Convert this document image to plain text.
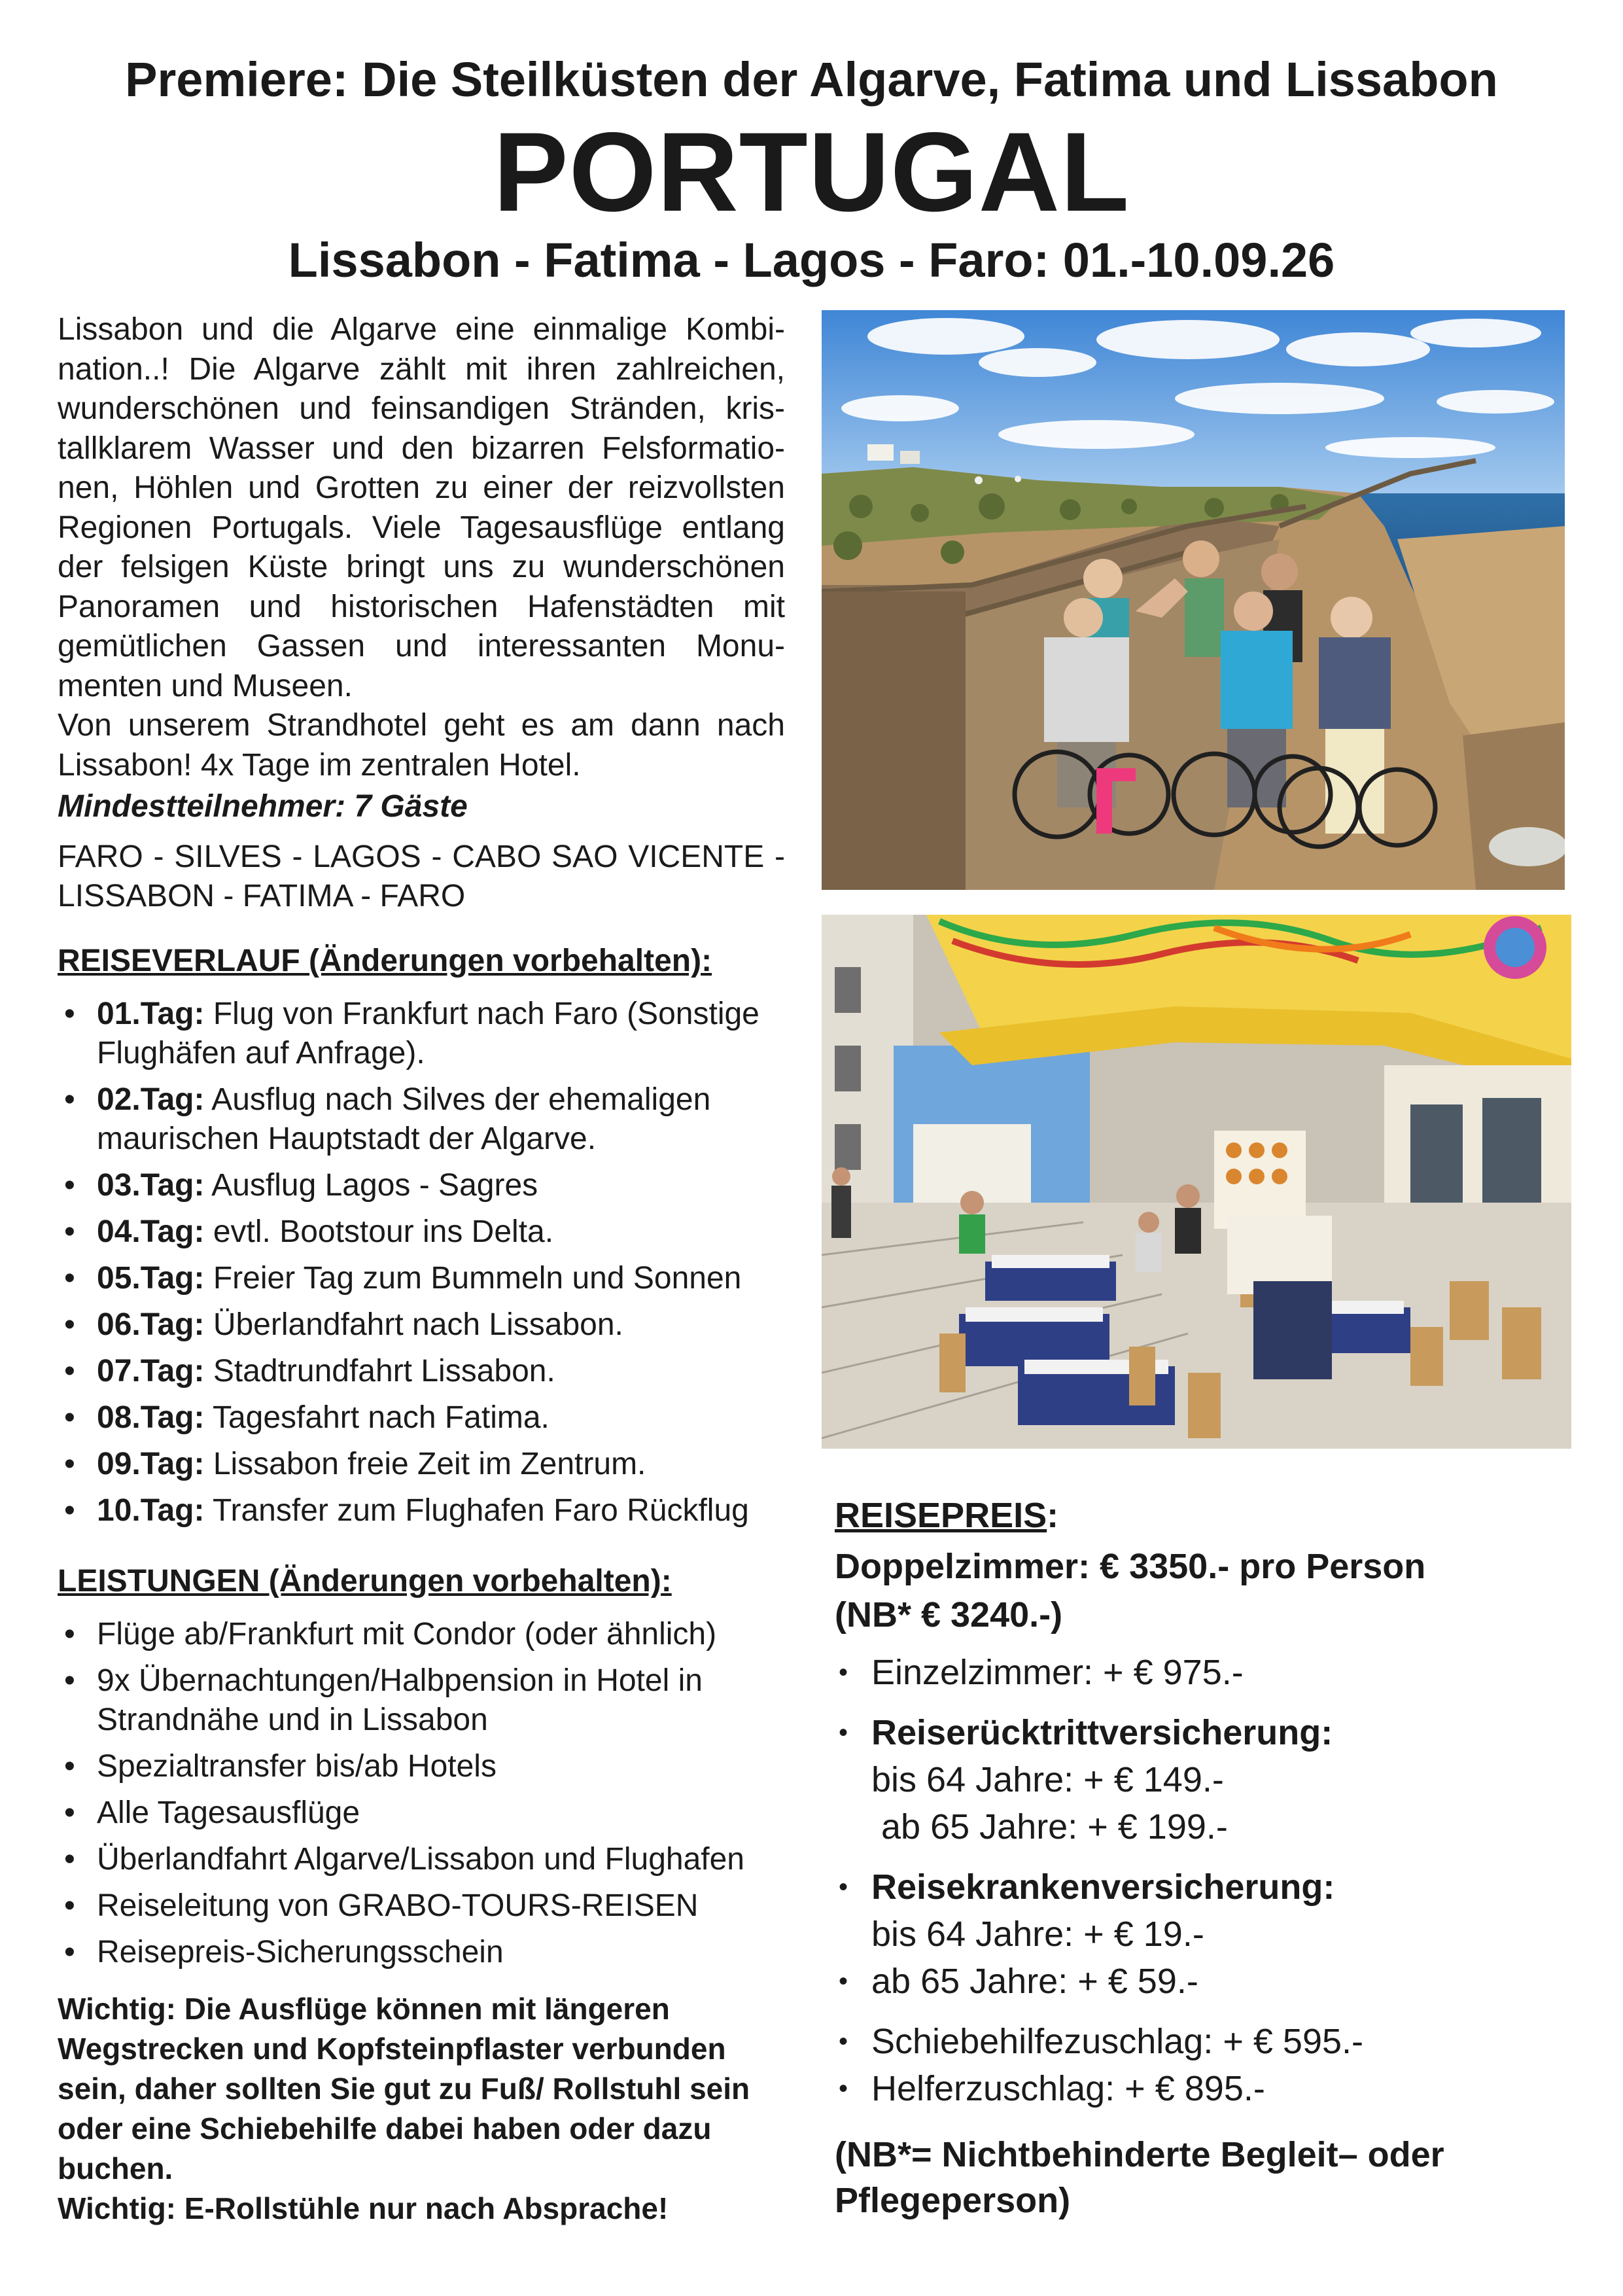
Premiere: Die Steilküsten der Algarve, Fatima und Lissabon
PORTUGAL
Lissabon - Fatima - Lagos - Faro: 01.-10.09.26

Lissabon und die Algarve eine einmalige Kombination..! Die Algarve zählt mit ihren zahlreichen, wunderschönen und feinsandigen Stränden, kristallklarem Wasser und den bizarren Felsformationen, Höhlen und Grotten zu einer der reizvollsten Regionen Portugals. Viele Tagesausflüge entlang der felsigen Küste bringt uns zu wunderschönen Panoramen und historischen Hafenstädten mit gemütlichen Gassen und interessanten Monumenten und Museen.

Von unserem Strandhotel geht es am dann nach Lissabon! 4x Tage im zentralen Hotel.

Mindestteilnehmer: 7 Gäste
FARO - SILVES - LAGOS - CABO SAO VICENTE - LISSABON - FATIMA - FARO
REISEVERLAUF (Änderungen vorbehalten):
• 01.Tag: Flug von Frankfurt nach Faro (Sonstige Flughäfen auf Anfrage).
• 02.Tag: Ausflug nach Silves der ehemaligen maurischen Hauptstadt der Algarve.
• 03.Tag: Ausflug Lagos - Sagres
• 04.Tag: evtl. Bootstour ins Delta.
• 05.Tag: Freier Tag zum Bummeln und Sonnen
• 06.Tag: Überlandfahrt nach Lissabon.
• 07.Tag: Stadtrundfahrt Lissabon.
• 08.Tag: Tagesfahrt nach Fatima.
• 09.Tag: Lissabon freie Zeit im Zentrum.
• 10.Tag: Transfer zum Flughafen Faro Rückflug
LEISTUNGEN (Änderungen vorbehalten):
• Flüge ab/Frankfurt mit Condor (oder ähnlich)
• 9x Übernachtungen/Halbpension in Hotel in Strandnähe und in Lissabon
• Spezialtransfer bis/ab Hotels
• Alle Tagesausflüge
• Überlandfahrt Algarve/Lissabon und Flughafen
• Reiseleitung von GRABO-TOURS-REISEN
• Reisepreis-Sicherungsschein
Wichtig: Die Ausflüge können mit längeren Wegstrecken und Kopfsteinpflaster verbunden sein, daher sollten Sie gut zu Fuß/ Rollstuhl sein oder eine Schiebehilfe dabei haben oder dazu buchen.
Wichtig: E-Rollstühle nur nach Absprache!
REISEPREIS:
Doppelzimmer: € 3350.- pro Person
(NB* € 3240.-)
• Einzelzimmer: + € 975.-
• Reiserücktrittversicherung:
bis 64 Jahre: + € 149.-
ab 65 Jahre: + € 199.-
• Reisekrankenversicherung:
bis 64 Jahre: + € 19.-
• ab 65 Jahre: + € 59.-
• Schiebehilfezuschlag: + € 595.-
• Helferzuschlag: + € 895.-
(NB*= Nichtbehinderte Begleit– oder Pflegeperson)
